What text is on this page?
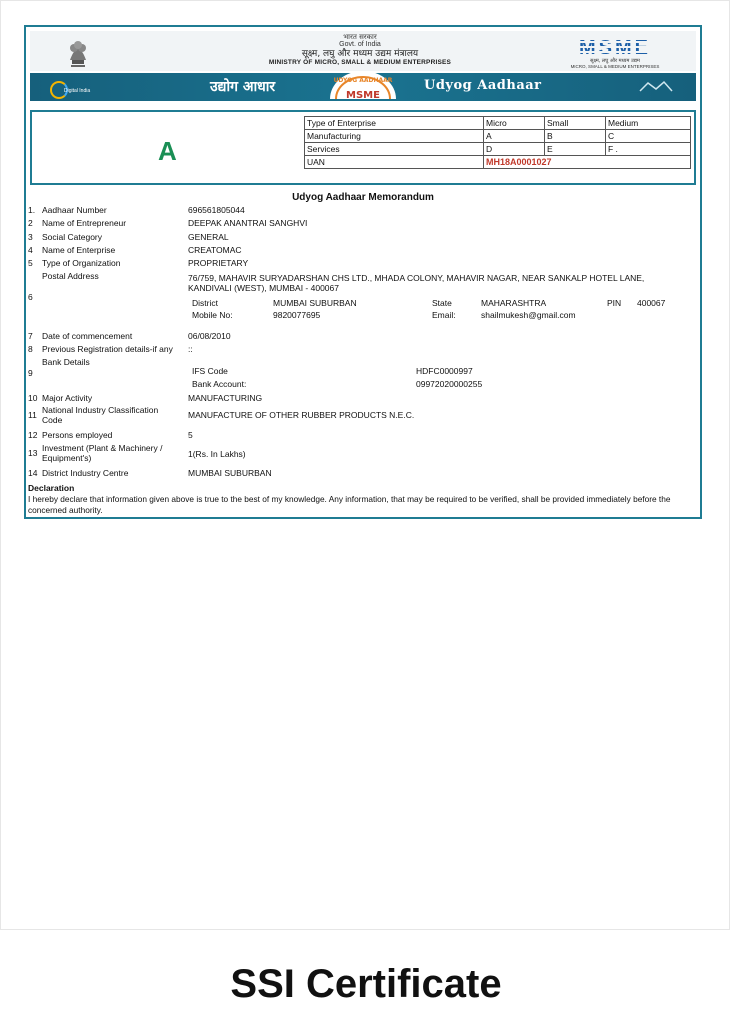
भारत सरकार
Govt. of India
सूक्ष्म, लघु और मध्यम उद्यम मंत्रालय
MINISTRY OF MICRO, SMALL & MEDIUM ENTERPRISES
MSME
सूक्ष्म, लघु और मध्यम उद्यम
MICRO, SMALL & MEDIUM ENTERPRISES
Digital India	उद्योग आधार	UDYOG AADHAAR
MSME
Udyog Aadhaar
A
Type of Enterprise	Micro	Small	Medium
Manufacturing	A	B	C
Services	D	E	F .
UAN	MH18A0001027		
Udyog Aadhaar Memorandum
1. Aadhaar Number	696561805044
2 Name of Entrepreneur	DEEPAK ANANTRAI SANGHVI
3 Social Category	GENERAL
4 Name of Enterprise	CREATOMAC
5 Type of Organization	PROPRIETARY
Postal Address
6
76/759, MAHAVIR SURYADARSHAN CHS LTD., MHADA COLONY, MAHAVIR NAGAR, NEAR SANKALP HOTEL LANE,
KANDIVALI (WEST), MUMBAI - 400067
District	MUMBAI SUBURBAN	State	MAHARASHTRA	PIN 400067
Mobile No:	9820077695	Email:	shailmukesh@gmail.com
7 Date of commencement	06/08/2010
8 Previous Registration details-if any	::
Bank Details
9	IFS Code	HDFC0000997
Bank Account:	09972020000255
10 Major Activity	MANUFACTURING
11 National Industry Classification
Code	MANUFACTURE OF OTHER RUBBER PRODUCTS N.E.C.
12 Persons employed	5
13 Investment (Plant & Machinery /
Equipment's)	1(Rs. In Lakhs)
14 District Industry Centre	MUMBAI SUBURBAN
Declaration
I hereby declare that information given above is true to the best of my knowledge. Any information, that may be required to be verified, shall be provided immediately before the concerned authority.
SSI Certificate
